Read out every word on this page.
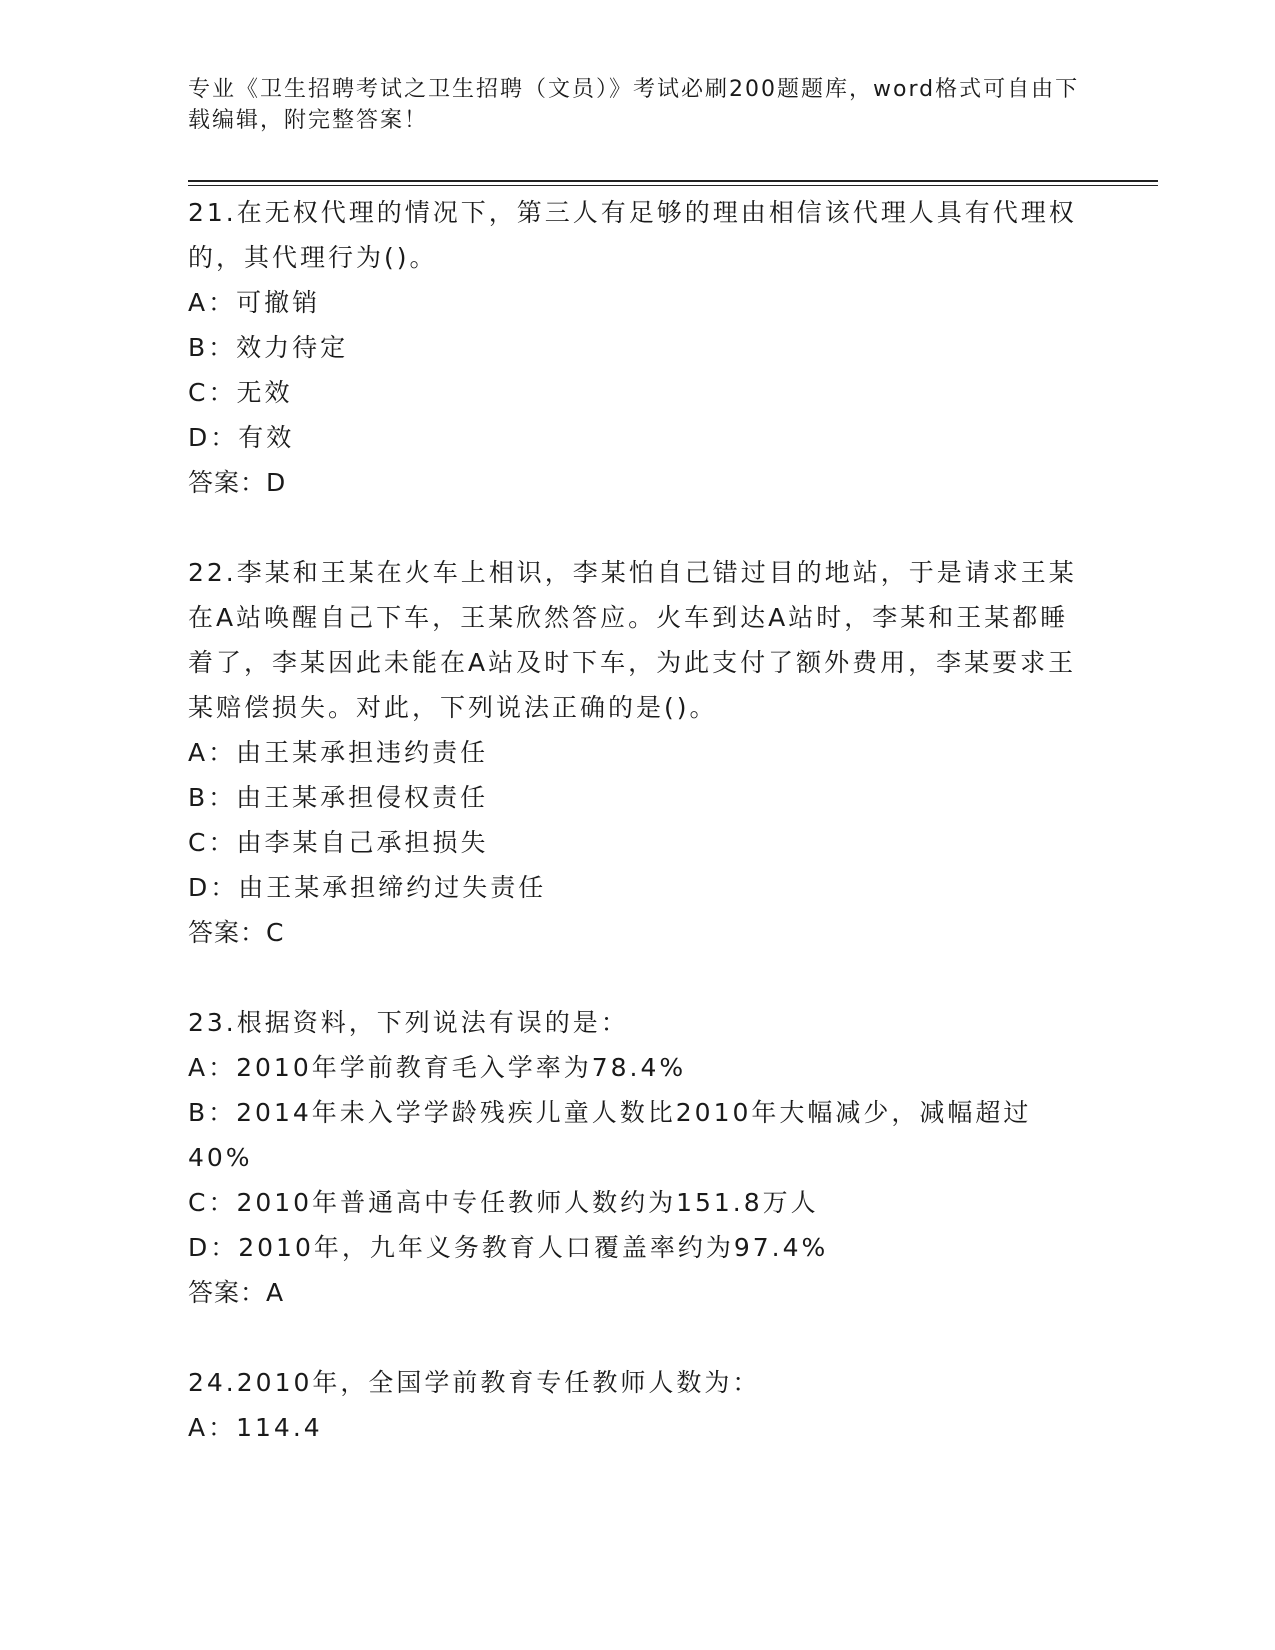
专业《卫生招聘考试之卫生招聘（文员）》考试必刷200题题库，word格式可自由下载编辑，附完整答案！
21.在无权代理的情况下，第三人有足够的理由相信该代理人具有代理权的，其代理行为()。
A：可撤销
B：效力待定
C：无效
D：有效
答案：D
22.李某和王某在火车上相识，李某怕自己错过目的地站，于是请求王某在A站唤醒自己下车，王某欣然答应。火车到达A站时，李某和王某都睡着了，李某因此未能在A站及时下车，为此支付了额外费用，李某要求王某赔偿损失。对此，下列说法正确的是()。
A：由王某承担违约责任
B：由王某承担侵权责任
C：由李某自己承担损失
D：由王某承担缔约过失责任
答案：C
23.根据资料，下列说法有误的是：
A：2010年学前教育毛入学率为78.4%
B：2014年未入学学龄残疾儿童人数比2010年大幅减少，减幅超过40%
C：2010年普通高中专任教师人数约为151.8万人
D：2010年，九年义务教育人口覆盖率约为97.4%
答案：A
24.2010年，全国学前教育专任教师人数为：
A：114.4
